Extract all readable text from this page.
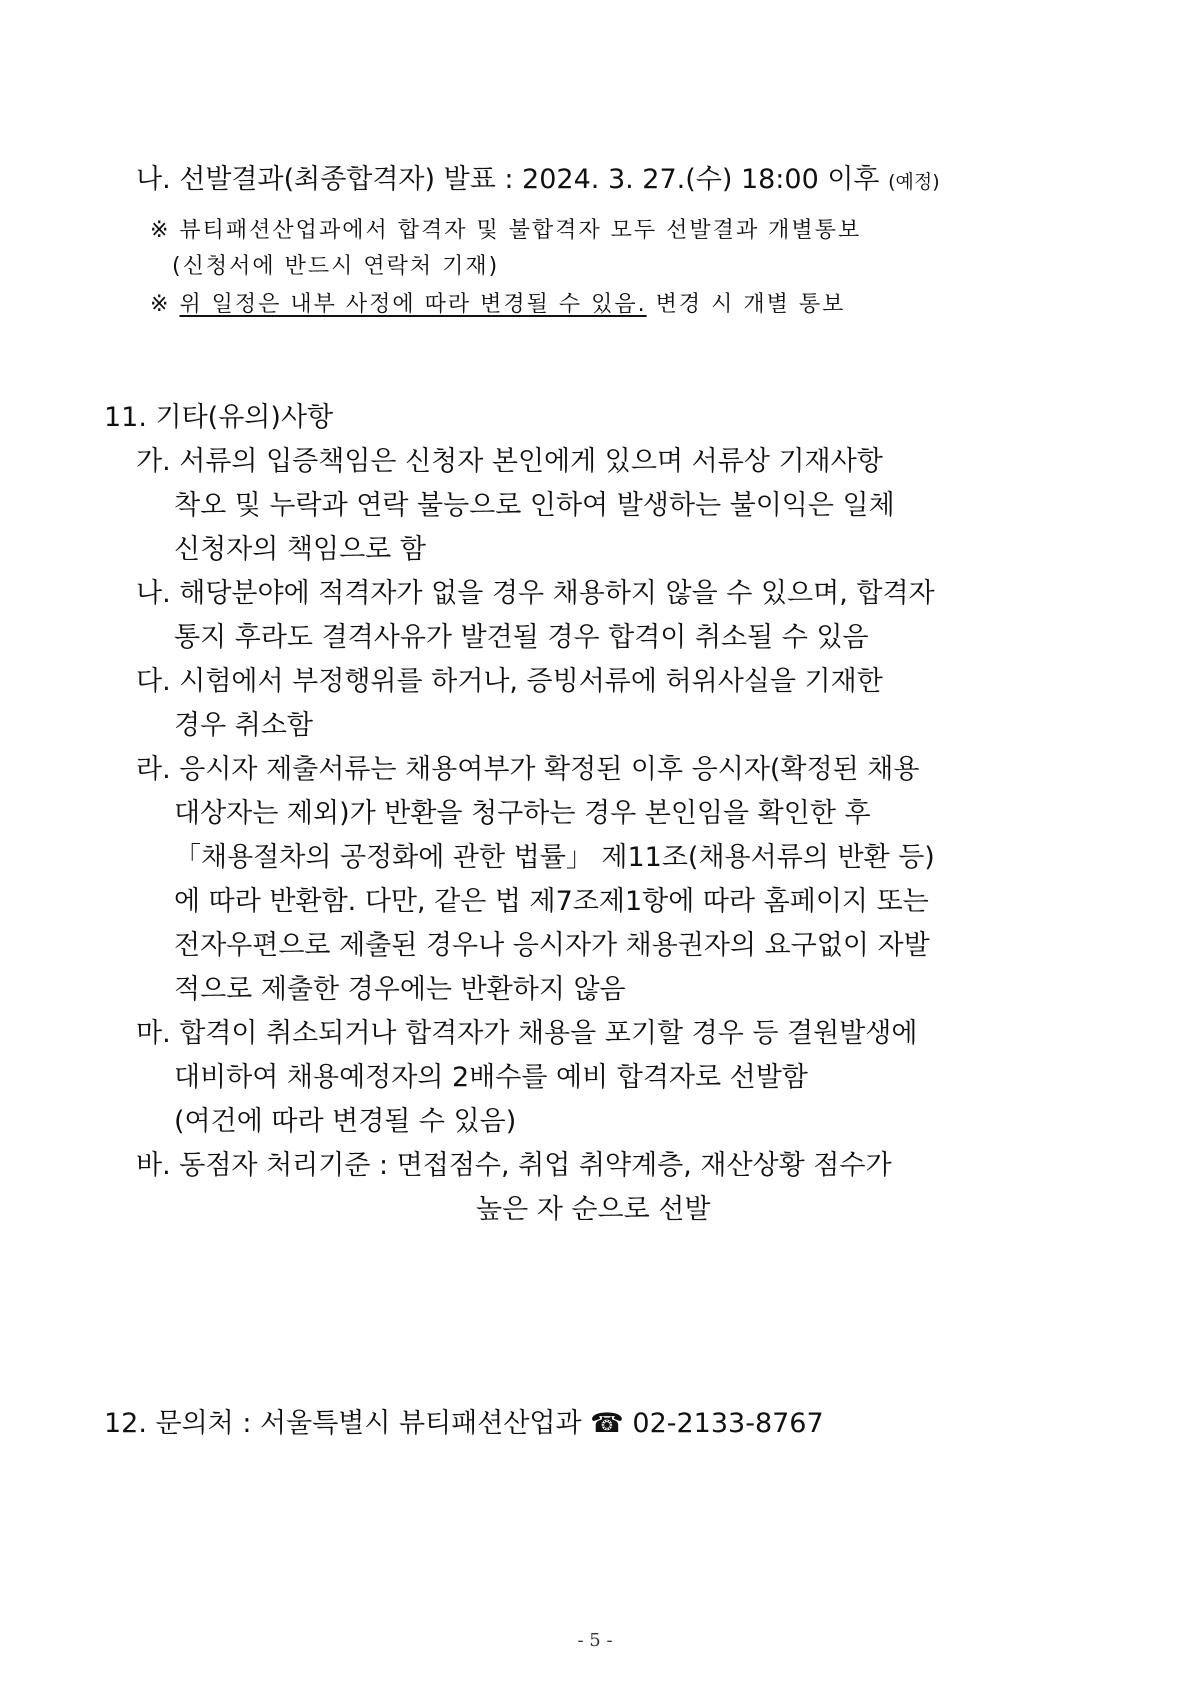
나. 선발결과(최종합격자) 발표 : 2024. 3. 27.(수) 18:00 이후 (예정)
※ 뷰티패션산업과에서 합격자 및 불합격자 모두 선발결과 개별통보
(신청서에 반드시 연락처 기재)
※ 위 일정은 내부 사정에 따라 변경될 수 있음. 변경 시 개별 통보
11. 기타(유의)사항
가. 서류의 입증책임은 신청자 본인에게 있으며 서류상 기재사항
착오 및 누락과 연락 불능으로 인하여 발생하는 불이익은 일체
신청자의 책임으로 함
나. 해당분야에 적격자가 없을 경우 채용하지 않을 수 있으며, 합격자
통지 후라도 결격사유가 발견될 경우 합격이 취소될 수 있음
다. 시험에서 부정행위를 하거나, 증빙서류에 허위사실을 기재한
경우 취소함
라. 응시자 제출서류는 채용여부가 확정된 이후 응시자(확정된 채용
대상자는 제외)가 반환을 청구하는 경우 본인임을 확인한 후
「채용절차의 공정화에 관한 법률」 제11조(채용서류의 반환 등)
에 따라 반환함. 다만, 같은 법 제7조제1항에 따라 홈페이지 또는
전자우편으로 제출된 경우나 응시자가 채용권자의 요구없이 자발
적으로 제출한 경우에는 반환하지 않음
마. 합격이 취소되거나 합격자가 채용을 포기할 경우 등 결원발생에
대비하여 채용예정자의 2배수를 예비 합격자로 선발함
(여건에 따라 변경될 수 있음)
바. 동점자 처리기준 : 면접점수, 취업 취약계층, 재산상황 점수가
높은 자 순으로 선발
12. 문의처 : 서울특별시 뷰티패션산업과 ☎ 02-2133-8767
- 5 -
